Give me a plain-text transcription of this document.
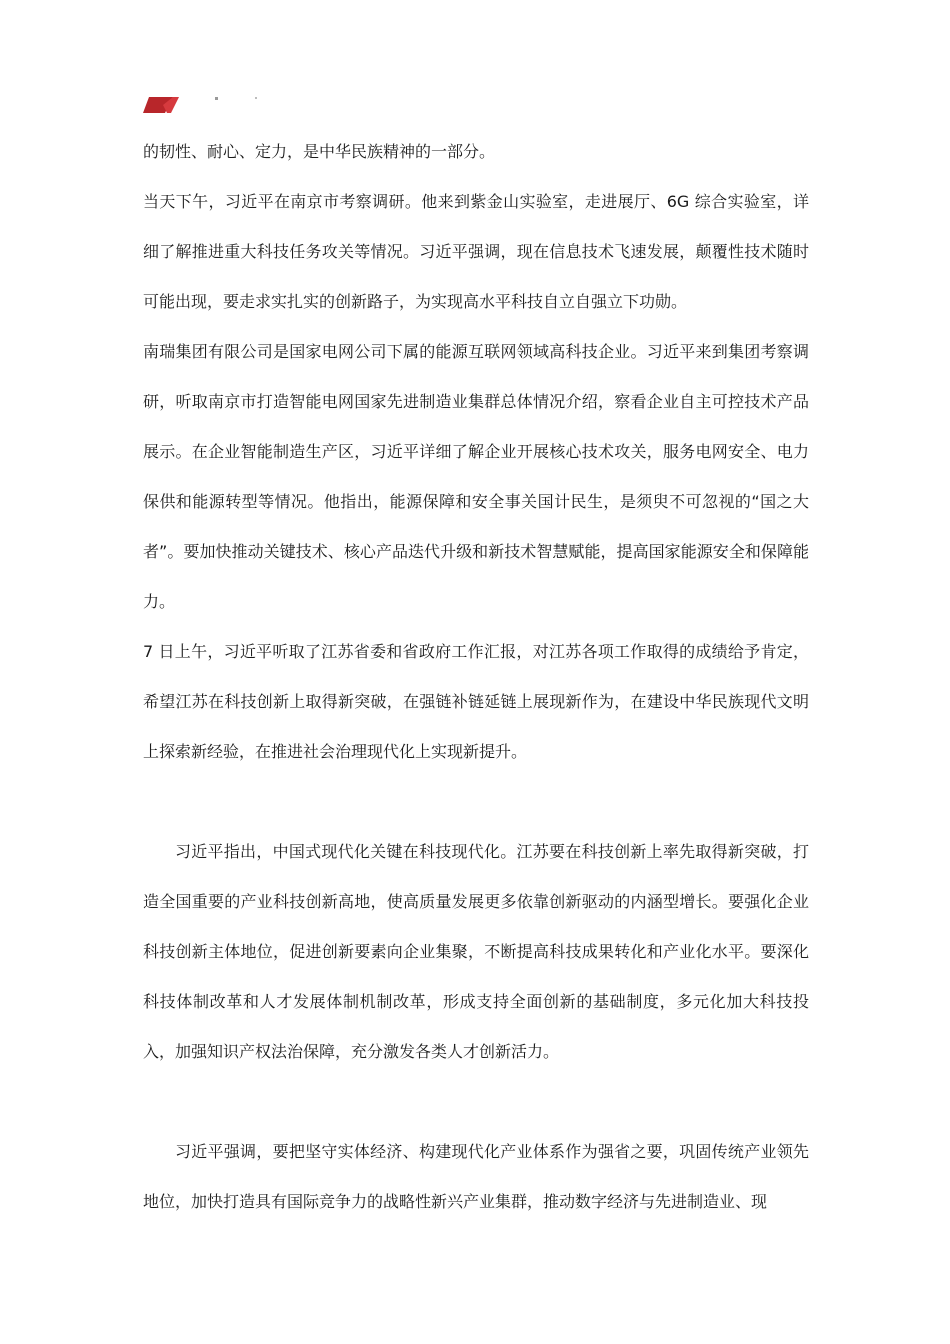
的韧性、耐心、定力，是中华民族精神的一部分。

当天下午，习近平在南京市考察调研。他来到紫金山实验室，走进展厅、6G 综合实验室，详细了解推进重大科技任务攻关等情况。习近平强调，现在信息技术飞速发展，颠覆性技术随时可能出现，要走求实扎实的创新路子，为实现高水平科技自立自强立下功勋。

南瑞集团有限公司是国家电网公司下属的能源互联网领域高科技企业。习近平来到集团考察调研，听取南京市打造智能电网国家先进制造业集群总体情况介绍，察看企业自主可控技术产品展示。在企业智能制造生产区，习近平详细了解企业开展核心技术攻关，服务电网安全、电力保供和能源转型等情况。他指出，能源保障和安全事关国计民生，是须臾不可忽视的“国之大者”。要加快推动关键技术、核心产品迭代升级和新技术智慧赋能，提高国家能源安全和保障能力。

7 日上午，习近平听取了江苏省委和省政府工作汇报，对江苏各项工作取得的成绩给予肯定，希望江苏在科技创新上取得新突破，在强链补链延链上展现新作为，在建设中华民族现代文明上探索新经验，在推进社会治理现代化上实现新提升。

习近平指出，中国式现代化关键在科技现代化。江苏要在科技创新上率先取得新突破，打造全国重要的产业科技创新高地，使高质量发展更多依靠创新驱动的内涵型增长。要强化企业科技创新主体地位，促进创新要素向企业集聚，不断提高科技成果转化和产业化水平。要深化科技体制改革和人才发展体制机制改革，形成支持全面创新的基础制度，多元化加大科技投入，加强知识产权法治保障，充分激发各类人才创新活力。

习近平强调，要把坚守实体经济、构建现代化产业体系作为强省之要，巩固传统产业领先地位，加快打造具有国际竞争力的战略性新兴产业集群，推动数字经济与先进制造业、现
